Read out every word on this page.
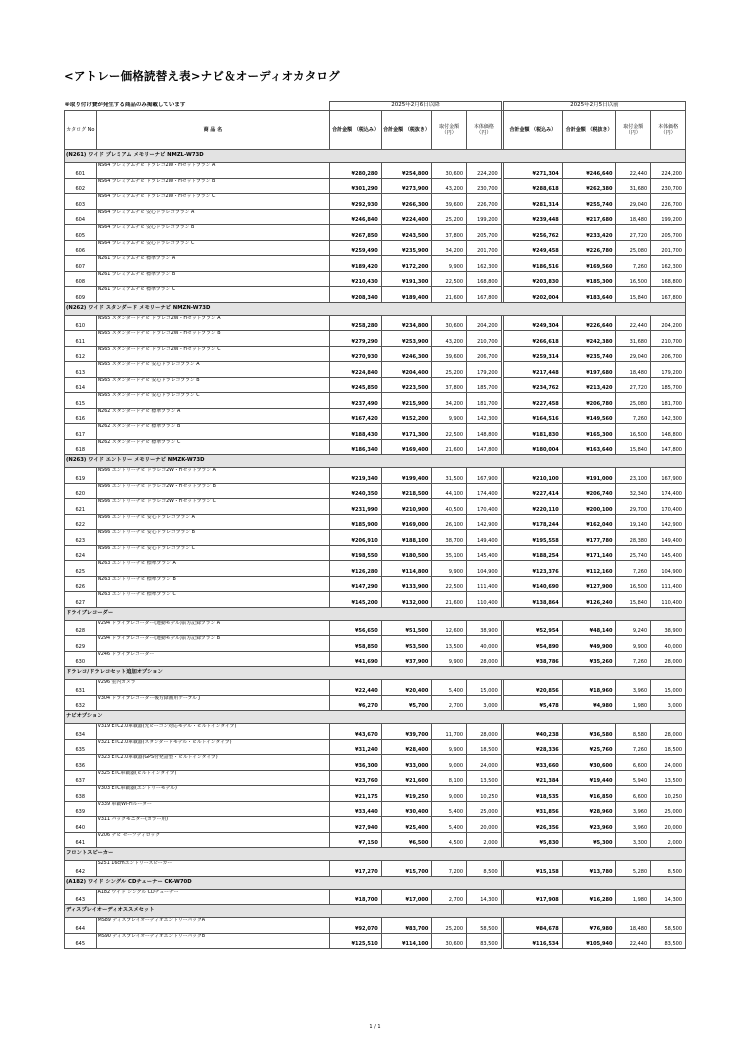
<アトレー価格読替え表>ナビ＆オーディオカタログ
※取り付け費が発生する商品のみ掲載しています		2025年2月6日以降					2025年2月5日以前			
カタログ No	商 品 名	合計金額 （税込み）	合計金額 （税抜き）	取付金額 （円）	本体価格 （円）		合計金額 （税込み）	合計金額 （税抜き）	取付金額 （円）	本体価格 （円）
(N261) ワイド プレミアム メモリーナビ NMZL-W73D										
601	NS64 プレミアムナビ ドラレコ2W・Fiセットプラン A	¥280,280	¥254,800	30,600	224,200		¥271,304	¥246,640	22,440	224,200
602	NS64 プレミアムナビ ドラレコ2W・Fiセットプラン B	¥301,290	¥273,900	43,200	230,700		¥288,618	¥262,380	31,680	230,700
603	NS64 プレミアムナビ ドラレコ2W・Fiセットプラン C	¥292,930	¥266,300	39,600	226,700		¥281,314	¥255,740	29,040	226,700
604	NS64 プレミアムナビ 安心ドラレコプラン A	¥246,840	¥224,400	25,200	199,200		¥239,448	¥217,680	18,480	199,200
605	NS64 プレミアムナビ 安心ドラレコプラン B	¥267,850	¥243,500	37,800	205,700		¥256,762	¥233,420	27,720	205,700
606	NS64 プレミアムナビ 安心ドラレコプラン C	¥259,490	¥235,900	34,200	201,700		¥249,458	¥226,780	25,080	201,700
607	N261 プレミアムナビ 標準プラン A	¥189,420	¥172,200	9,900	162,300		¥186,516	¥169,560	7,260	162,300
608	N261 プレミアムナビ 標準プラン B	¥210,430	¥191,300	22,500	168,800		¥203,830	¥185,300	16,500	168,800
609	N261 プレミアムナビ 標準プラン C	¥208,340	¥189,400	21,600	167,800		¥202,004	¥183,640	15,840	167,800
(N262) ワイド スタンダード メモリーナビ NMZN-W73D										
610	NS65 スタンダードナビ ドラレコ2W・Fiセットプラン A	¥258,280	¥234,800	30,600	204,200		¥249,304	¥226,640	22,440	204,200
611	NS65 スタンダードナビ ドラレコ2W・Fiセットプラン B	¥279,290	¥253,900	43,200	210,700		¥266,618	¥242,380	31,680	210,700
612	NS65 スタンダードナビ ドラレコ2W・Fiセットプラン C	¥270,930	¥246,300	39,600	206,700		¥259,314	¥235,740	29,040	206,700
613	NS65 スタンダードナビ 安心ドラレコプラン A	¥224,840	¥204,400	25,200	179,200		¥217,448	¥197,680	18,480	179,200
614	NS65 スタンダードナビ 安心ドラレコプラン B	¥245,850	¥223,500	37,800	185,700		¥234,762	¥213,420	27,720	185,700
615	NS65 スタンダードナビ 安心ドラレコプラン C	¥237,490	¥215,900	34,200	181,700		¥227,458	¥206,780	25,080	181,700
616	N262 スタンダードナビ 標準プラン A	¥167,420	¥152,200	9,900	142,300		¥164,516	¥149,560	7,260	142,300
617	N262 スタンダードナビ 標準プラン B	¥188,430	¥171,300	22,500	148,800		¥181,830	¥165,300	16,500	148,800
618	N262 スタンダードナビ 標準プラン C	¥186,340	¥169,400	21,600	147,800		¥180,004	¥163,640	15,840	147,800
(N263) ワイド エントリー メモリーナビ NMZK-W73D										
619	NS66 エントリーナビ ドラレコ2W・Fiセットプラン A	¥219,340	¥199,400	31,500	167,900		¥210,100	¥191,000	23,100	167,900
620	NS66 エントリーナビ ドラレコ2W・Fiセットプラン B	¥240,350	¥218,500	44,100	174,400		¥227,414	¥206,740	32,340	174,400
621	NS66 エントリーナビ ドラレコ2W・Fiセットプラン C	¥231,990	¥210,900	40,500	170,400		¥220,110	¥200,100	29,700	170,400
622	NS66 エントリーナビ 安心ドラレコプラン A	¥185,900	¥169,000	26,100	142,900		¥178,244	¥162,040	19,140	142,900
623	NS66 エントリーナビ 安心ドラレコプラン B	¥206,910	¥188,100	38,700	149,400		¥195,558	¥177,780	28,380	149,400
624	NS66 エントリーナビ 安心ドラレコプラン C	¥198,550	¥180,500	35,100	145,400		¥188,254	¥171,140	25,740	145,400
625	N263 エントリーナビ 標準プラン A	¥126,280	¥114,800	9,900	104,900		¥123,376	¥112,160	7,260	104,900
626	N263 エントリーナビ 標準プラン B	¥147,290	¥133,900	22,500	111,400		¥140,690	¥127,900	16,500	111,400
627	N263 エントリーナビ 標準プラン C	¥145,200	¥132,000	21,600	110,400		¥138,864	¥126,240	15,840	110,400
ドライブレコーダー										
628	V294 ドライブレコーダー(連動モデル)前方記録プラン A	¥56,650	¥51,500	12,600	38,900		¥52,954	¥48,140	9,240	38,900
629	V294 ドライブレコーダー(連動モデル)前方記録プラン B	¥58,850	¥53,500	13,500	40,000		¥54,890	¥49,900	9,900	40,000
630	V246 ドライブレコーダー	¥41,690	¥37,900	9,900	28,000		¥38,786	¥35,260	7,260	28,000
ドラレコ/ドラレコセット追加オプション										
631	V296 室内カメラ	¥22,440	¥20,400	5,400	15,000		¥20,856	¥18,960	3,960	15,000
632	V304 ドライブレコーダー後方録画用ケーブル J	¥6,270	¥5,700	2,700	3,000		¥5,478	¥4,980	1,980	3,000
ナビオプション										
634	V319 ETC2.0車載器(光ビーコン対応モデル・ビルトインタイプ)	¥43,670	¥39,700	11,700	28,000		¥40,238	¥36,580	8,580	28,000
635	V321 ETC2.0車載器(スタンダードモデル・ビルトインタイプ)	¥31,240	¥28,400	9,900	18,500		¥28,336	¥25,760	7,260	18,500
636	V323 ETC2.0車載器(GPS付発話型・ビルトインタイプ)	¥36,300	¥33,000	9,000	24,000		¥33,660	¥30,600	6,600	24,000
637	V325 ETC車載器(ビルトインタイプ)	¥23,760	¥21,600	8,100	13,500		¥21,384	¥19,440	5,940	13,500
638	V303 ETC車載器(エントリーモデル)	¥21,175	¥19,250	9,000	10,250		¥18,535	¥16,850	6,600	10,250
639	V339 車載Wi-Fiルーター	¥33,440	¥30,400	5,400	25,000		¥31,856	¥28,960	3,960	25,000
640	V311 バックモニター(カラー用)	¥27,940	¥25,400	5,400	20,000		¥26,356	¥23,960	3,960	20,000
641	V206 ナビ セーフティロック	¥7,150	¥6,500	4,500	2,000		¥5,830	¥5,300	3,300	2,000
フロントスピーカー										
642	S251 16cmエントリースピーカー	¥17,270	¥15,700	7,200	8,500		¥15,158	¥13,780	5,280	8,500
(A182) ワイド シングル CDチューナー CK-W70D										
643	A182 ワイド シングル CDチューナー	¥18,700	¥17,000	2,700	14,300		¥17,908	¥16,280	1,980	14,300
ディスプレイオーディオススメセット										
644	MS89 ディスプレイオーディオエントリーパックA	¥92,070	¥83,700	25,200	58,500		¥84,678	¥76,980	18,480	58,500
645	MS90 ディスプレイオーディオエントリーパックB	¥125,510	¥114,100	30,600	83,500		¥116,534	¥105,940	22,440	83,500
1 / 1
